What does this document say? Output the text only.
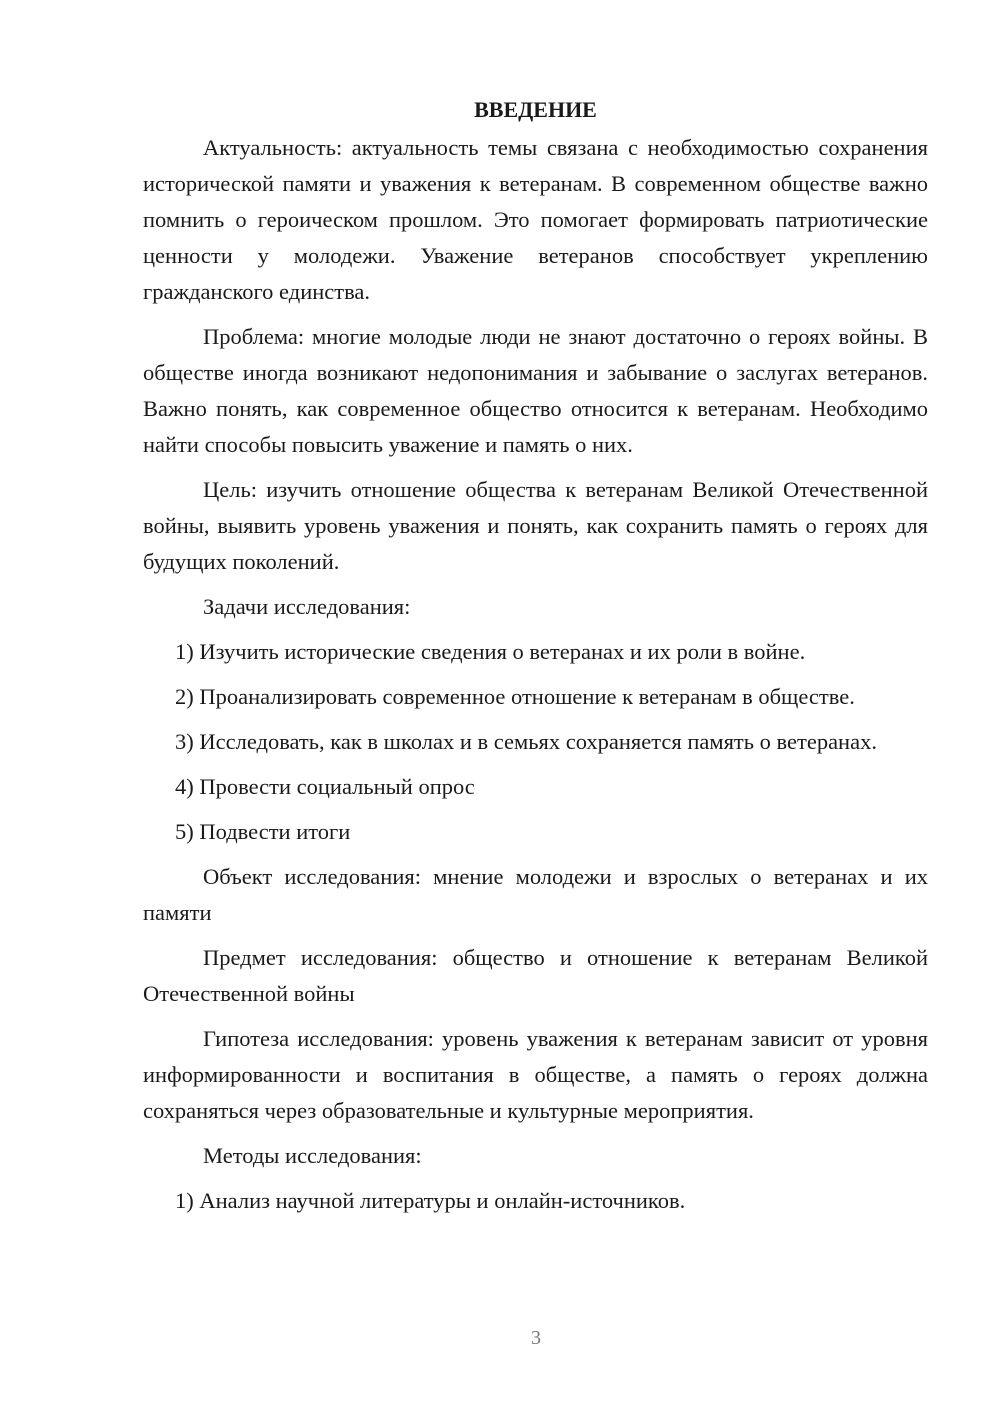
ВВЕДЕНИЕ

Актуальность: актуальность темы связана с необходимостью сохранения исторической памяти и уважения к ветеранам. В современном обществе важно помнить о героическом прошлом. Это помогает формировать патриотические ценности у молодежи. Уважение ветеранов способствует укреплению гражданского единства.

Проблема: многие молодые люди не знают достаточно о героях войны. В обществе иногда возникают недопонимания и забывание о заслугах ветеранов. Важно понять, как современное общество относится к ветеранам. Необходимо найти способы повысить уважение и память о них.

Цель: изучить отношение общества к ветеранам Великой Отечественной войны, выявить уровень уважения и понять, как сохранить память о героях для будущих поколений.

Задачи исследования:

1) Изучить исторические сведения о ветеранах и их роли в войне.

2) Проанализировать современное отношение к ветеранам в обществе.

3) Исследовать, как в школах и в семьях сохраняется память о ветеранах.

4) Провести социальный опрос

5) Подвести итоги

Объект исследования: мнение молодежи и взрослых о ветеранах и их памяти

Предмет исследования: общество и отношение к ветеранам Великой Отечественной войны

Гипотеза исследования: уровень уважения к ветеранам зависит от уровня информированности и воспитания в обществе, а память о героях должна сохраняться через образовательные и культурные мероприятия.

Методы исследования:

1) Анализ научной литературы и онлайн-источников.

3
